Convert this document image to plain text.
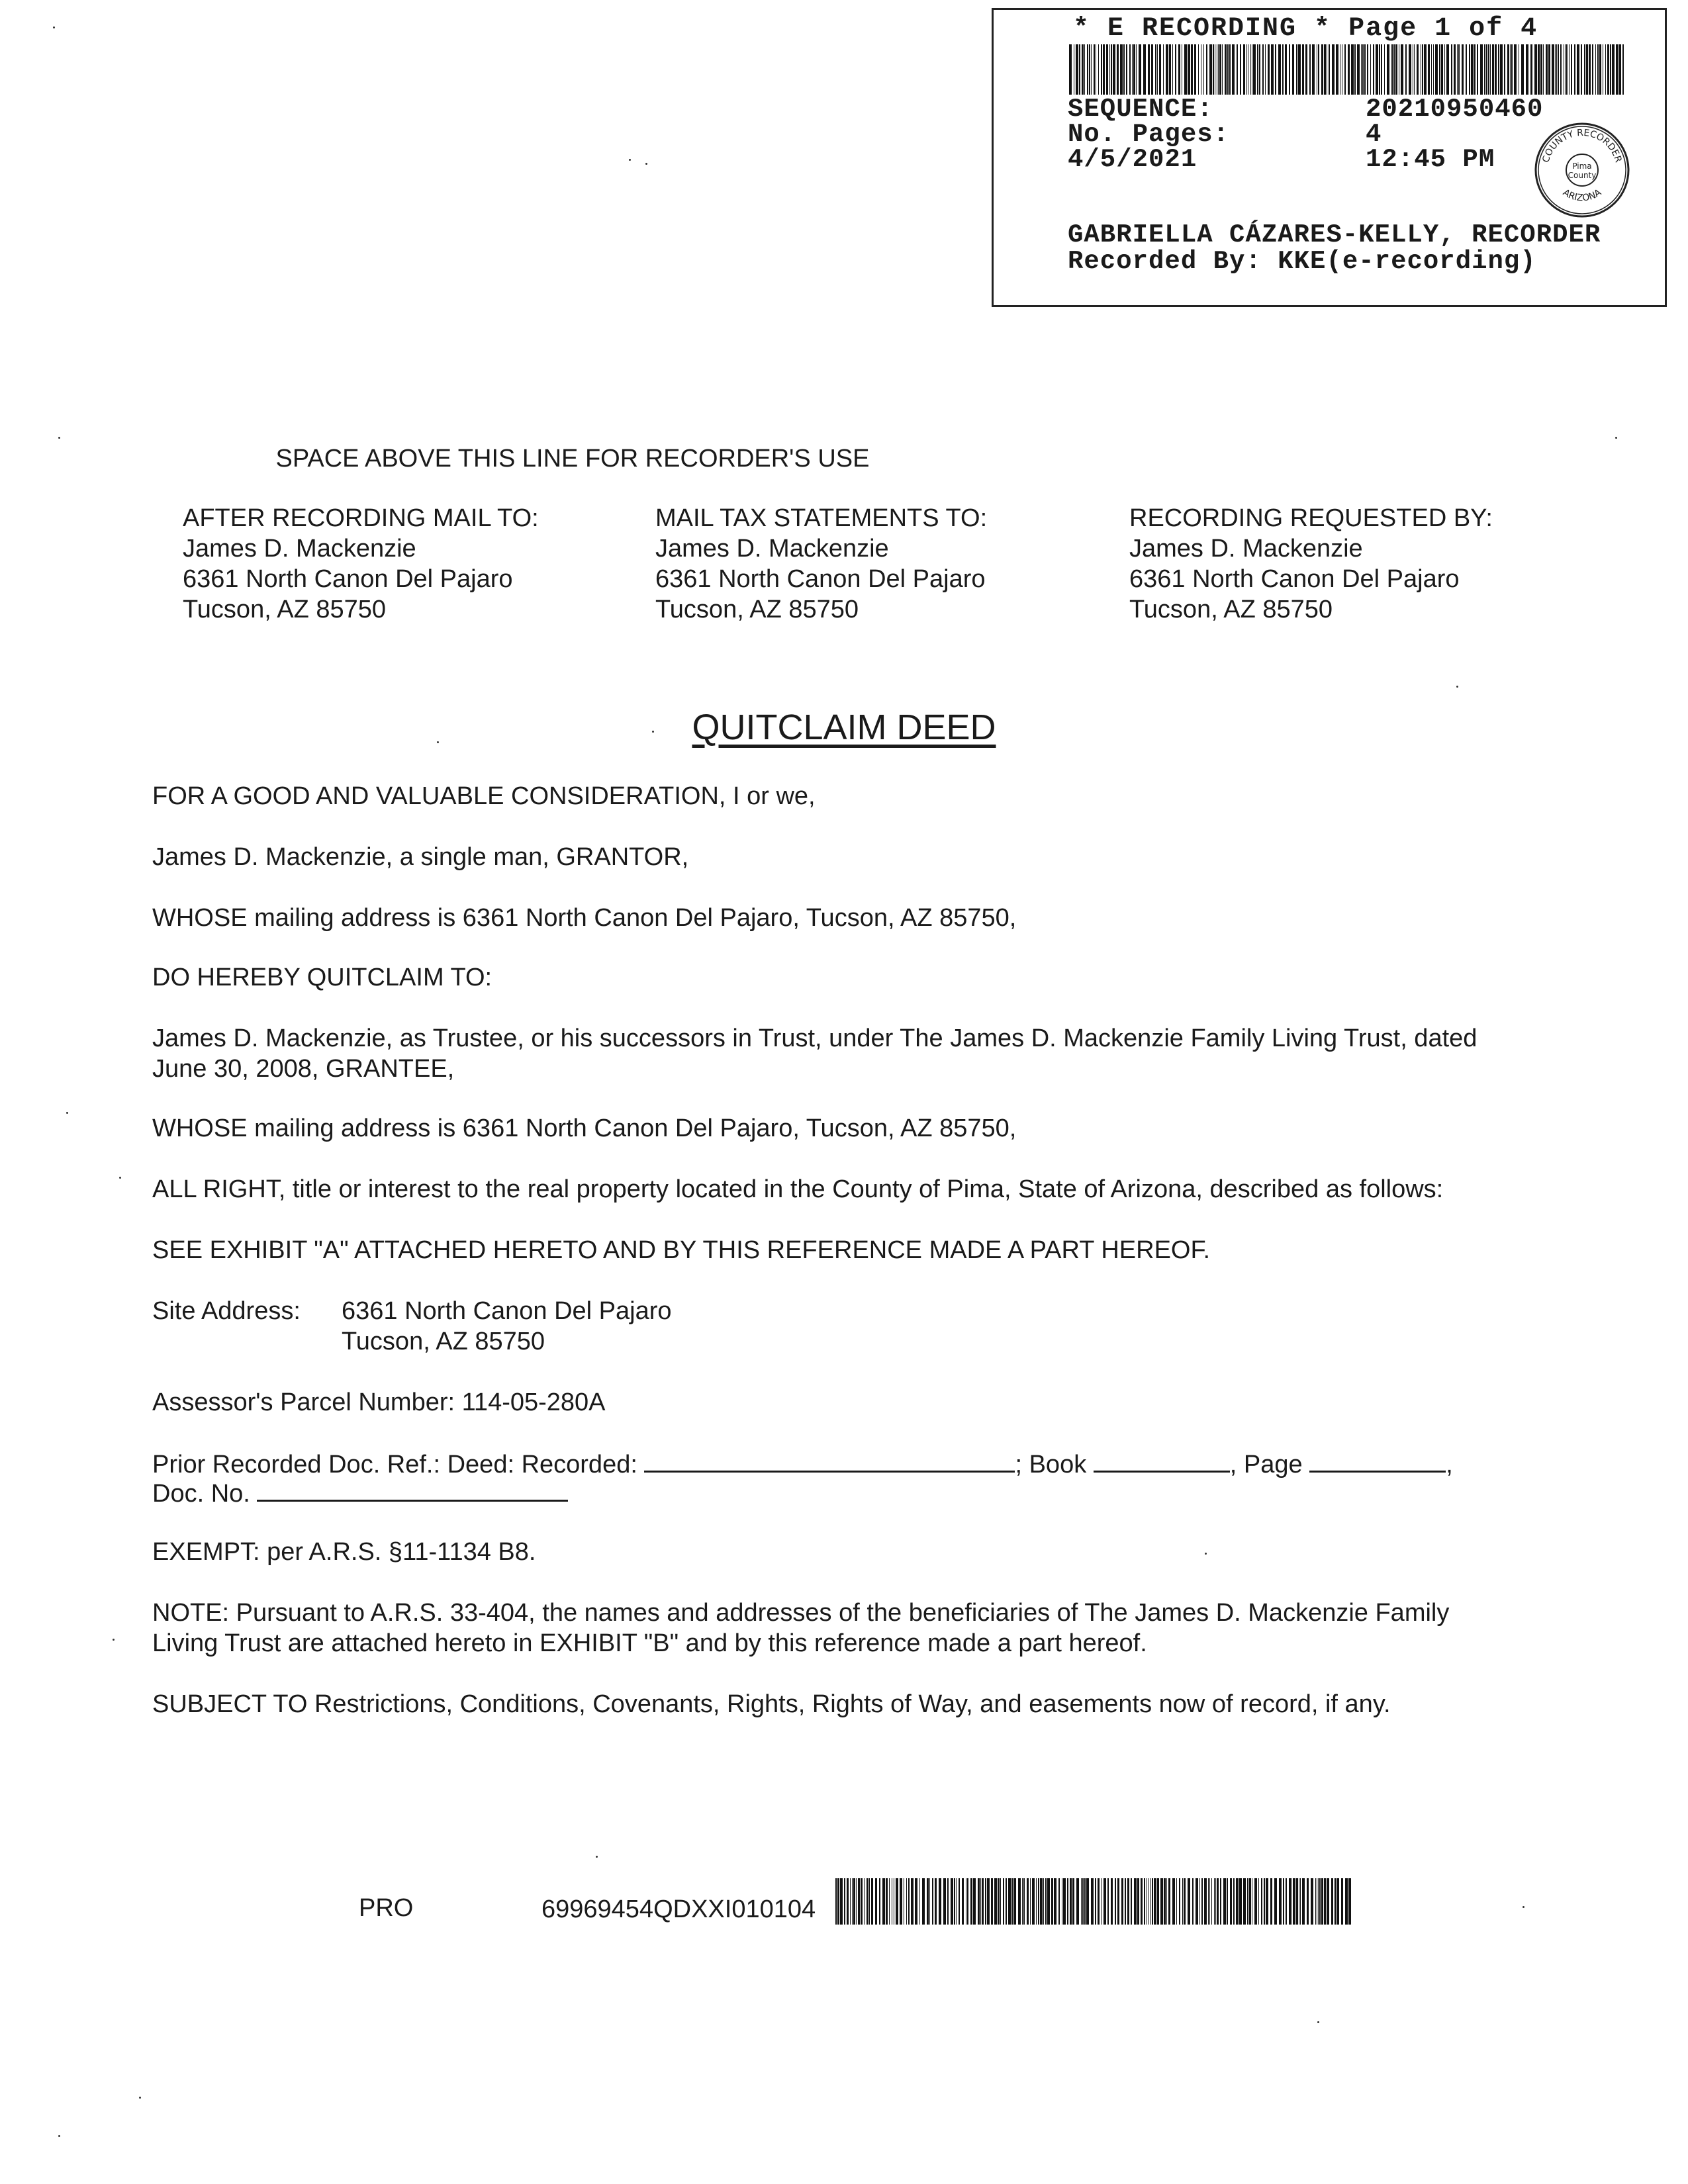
* E RECORDING * Page 1 of 4
SEQUENCE:	20210950460
No. Pages:	4
4/5/2021	12:45 PM	COUNTY RECORDER
ARIZONA
Pima
County
GABRIELLA CÁZARES-KELLY, RECORDER
Recorded By: KKE(e-recording)
SPACE ABOVE THIS LINE FOR RECORDER'S USE
AFTER RECORDING MAIL TO:
James D. Mackenzie
6361 North Canon Del Pajaro
Tucson, AZ 85750
MAIL TAX STATEMENTS TO:
James D. Mackenzie
6361 North Canon Del Pajaro
Tucson, AZ 85750
RECORDING REQUESTED BY:
James D. Mackenzie
6361 North Canon Del Pajaro
Tucson, AZ 85750
QUITCLAIM DEED
FOR A GOOD AND VALUABLE CONSIDERATION, I or we,
James D. Mackenzie, a single man, GRANTOR,
WHOSE mailing address is 6361 North Canon Del Pajaro, Tucson, AZ 85750,
DO HEREBY QUITCLAIM TO:
James D. Mackenzie, as Trustee, or his successors in Trust, under The James D. Mackenzie Family Living Trust, dated
June 30, 2008, GRANTEE,
WHOSE mailing address is 6361 North Canon Del Pajaro, Tucson, AZ 85750,
ALL RIGHT, title or interest to the real property located in the County of Pima, State of Arizona, described as follows:
SEE EXHIBIT "A" ATTACHED HERETO AND BY THIS REFERENCE MADE A PART HEREOF.
Site Address: 6361 North Canon Del Pajaro
Tucson, AZ 85750
Assessor's Parcel Number: 114-05-280A
Prior Recorded Doc. Ref.: Deed: Recorded:	; Book	, Page	,
Doc. No.
EXEMPT: per A.R.S. §11-1134 B8.
NOTE: Pursuant to A.R.S. 33-404, the names and addresses of the beneficiaries of The James D. Mackenzie Family
Living Trust are attached hereto in EXHIBIT "B" and by this reference made a part hereof.
SUBJECT TO Restrictions, Conditions, Covenants, Rights, Rights of Way, and easements now of record, if any.
PRO	69969454QDXXI010104
